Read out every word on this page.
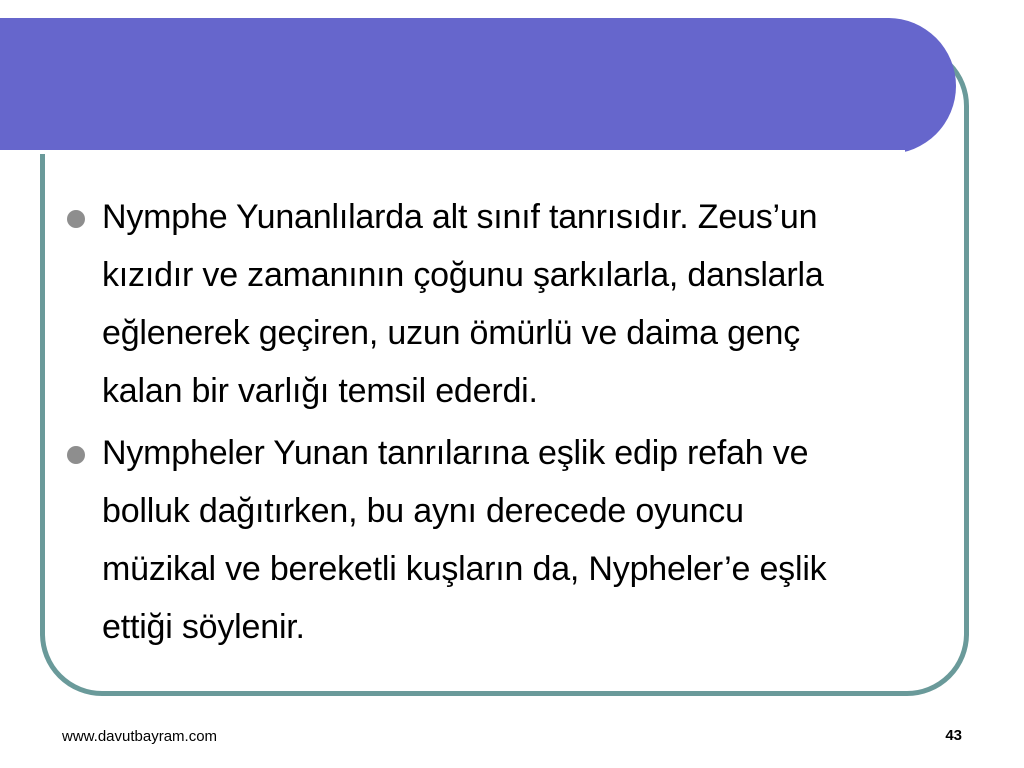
Nymphe Yunanlılarda alt sınıf tanrısıdır. Zeus’un
kızıdır ve zamanının çoğunu şarkılarla, danslarla
eğlenerek geçiren, uzun ömürlü ve daima genç
kalan bir varlığı temsil ederdi.
Nympheler Yunan tanrılarına eşlik edip refah ve
bolluk dağıtırken, bu aynı derecede oyuncu
müzikal ve bereketli kuşların da, Nypheler’e eşlik
ettiği söylenir.
www.davutbayram.com	43
